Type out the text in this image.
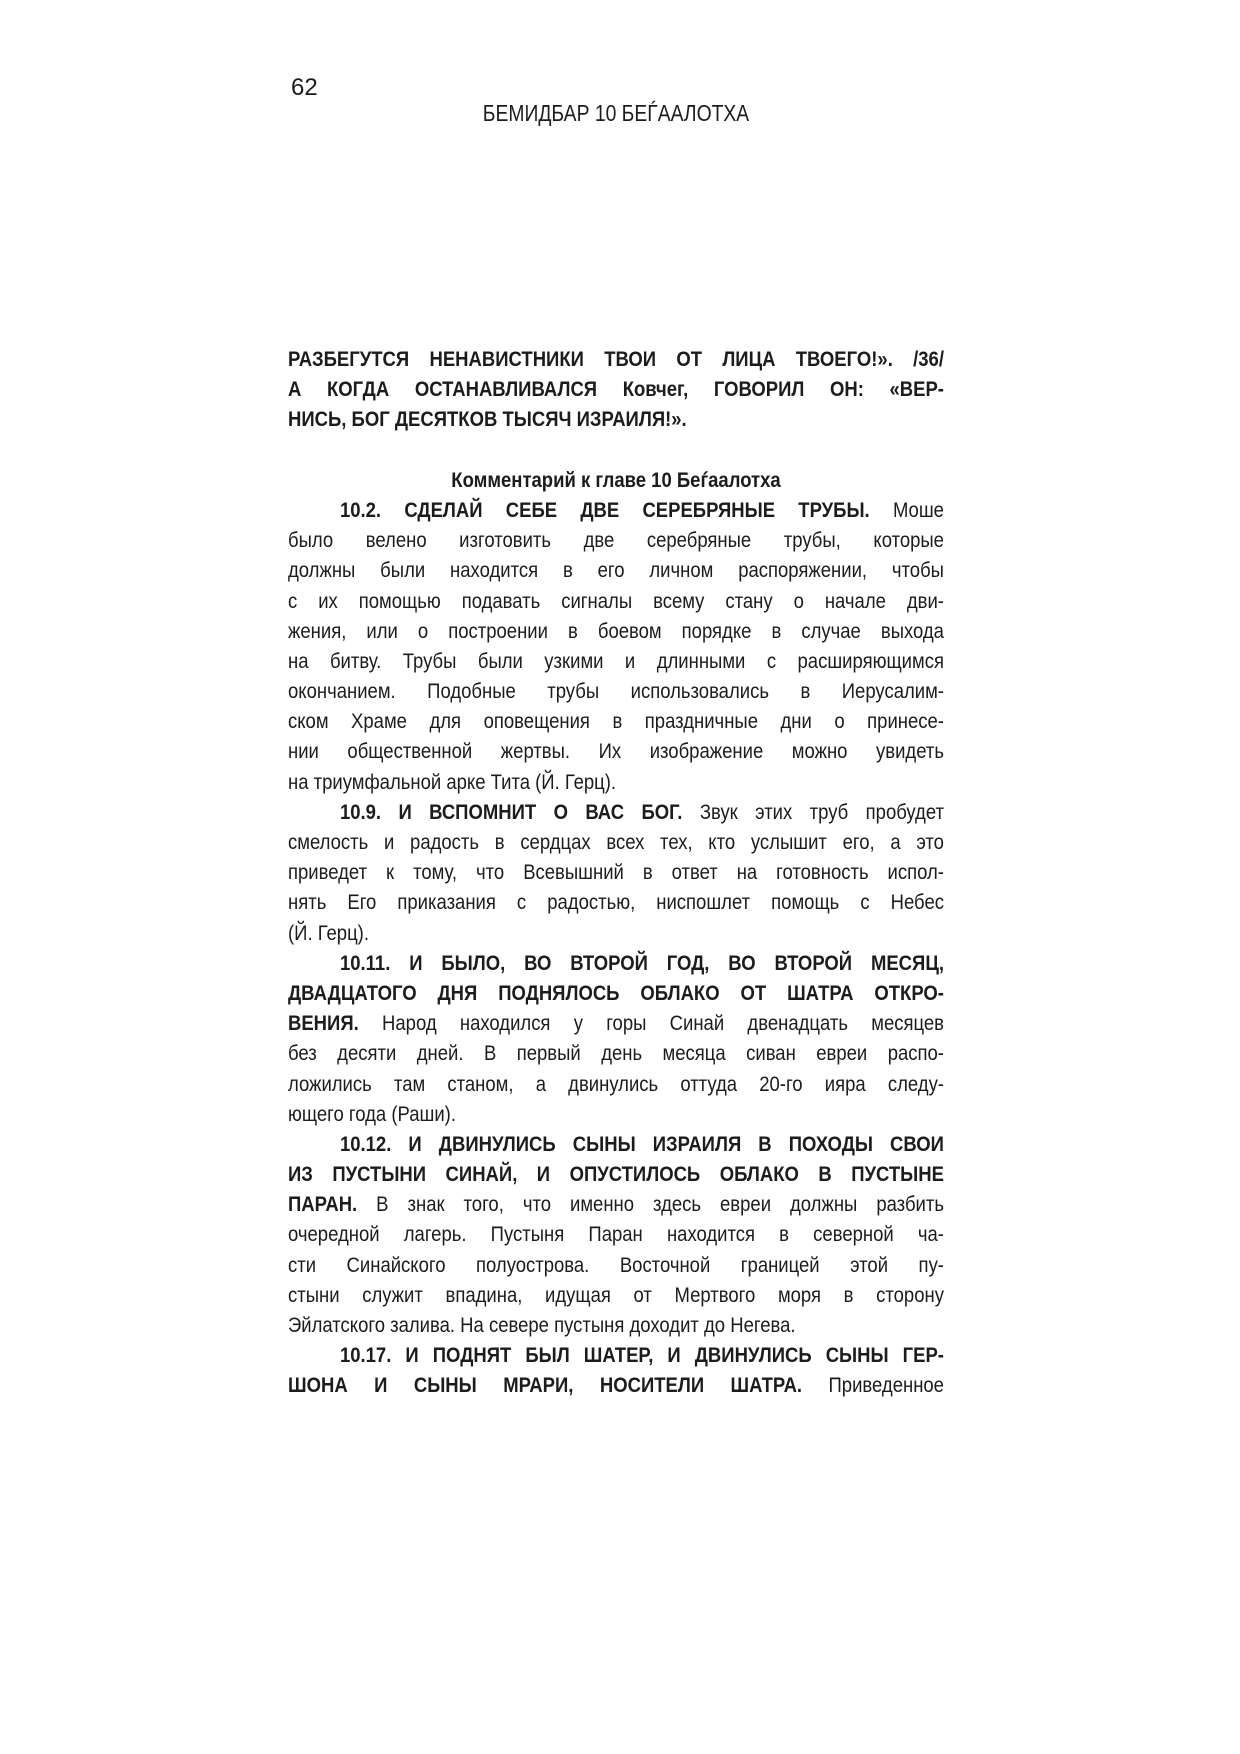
62
БЕМИДБАР 10 БЕЃААЛОТХА
РАЗБЕГУТСЯ НЕНАВИСТНИКИ ТВОИ ОТ ЛИЦА ТВОЕГО!». /36/
А КОГДА ОСТАНАВЛИВАЛСЯ Ковчег, ГОВОРИЛ ОН: «ВЕР-
НИСЬ, БОГ ДЕСЯТКОВ ТЫСЯЧ ИЗРАИЛЯ!».
Комментарий к главе 10 Беѓаалотха
10.2. СДЕЛАЙ СЕБЕ ДВЕ СЕРЕБРЯНЫЕ ТРУБЫ. Моше
было велено изготовить две серебряные трубы, которые
должны были находится в его личном распоряжении, чтобы
с их помощью подавать сигналы всему стану о начале дви-
жения, или о построении в боевом порядке в случае выхода
на битву. Трубы были узкими и длинными с расширяющимся
окончанием. Подобные трубы использовались в Иерусалим-
ском Храме для оповещения в праздничные дни о принесе-
нии общественной жертвы. Их изображение можно увидеть
на триумфальной арке Тита (Й. Герц).
10.9. И ВСПОМНИТ О ВАС БОГ. Звук этих труб пробудет
смелость и радость в сердцах всех тех, кто услышит его, а это
приведет к тому, что Всевышний в ответ на готовность испол-
нять Его приказания с радостью, ниспошлет помощь с Небес
(Й. Герц).
10.11. И БЫЛО, ВО ВТОРОЙ ГОД, ВО ВТОРОЙ МЕСЯЦ,
ДВАДЦАТОГО ДНЯ ПОДНЯЛОСЬ ОБЛАКО ОТ ШАТРА ОТКРО-
ВЕНИЯ. Народ находился у горы Синай двенадцать месяцев
без десяти дней. В первый день месяца сиван евреи распо-
ложились там станом, а двинулись оттуда 20-го ияра следу-
ющего года (Раши).
10.12. И ДВИНУЛИСЬ СЫНЫ ИЗРАИЛЯ В ПОХОДЫ СВОИ
ИЗ ПУСТЫНИ СИНАЙ, И ОПУСТИЛОСЬ ОБЛАКО В ПУСТЫНЕ
ПАРАН. В знак того, что именно здесь евреи должны разбить
очередной лагерь. Пустыня Паран находится в северной ча-
сти Синайского полуострова. Восточной границей этой пу-
стыни служит впадина, идущая от Мертвого моря в сторону
Эйлатского залива. На севере пустыня доходит до Негева.
10.17. И ПОДНЯТ БЫЛ ШАТЕР, И ДВИНУЛИСЬ СЫНЫ ГЕР-
ШОНА И СЫНЫ МРАРИ, НОСИТЕЛИ ШАТРА. Приведенное
